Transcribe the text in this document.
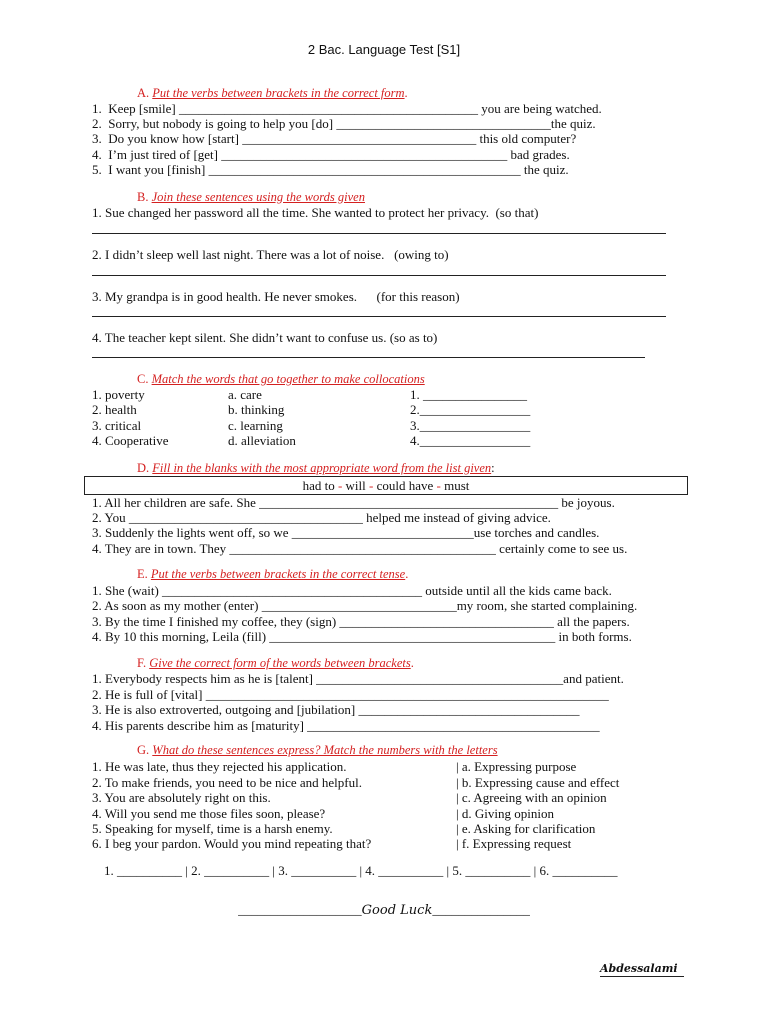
2 Bac. Language Test [S1]
A. Put the verbs between brackets in the correct form.
1.  Keep [smile] ______________________________________________ you are being watched.
2.  Sorry, but nobody is going to help you [do] _________________________________the quiz.
3.  Do you know how [start] ____________________________________ this old computer?
4.  I’m just tired of [get] ____________________________________________ bad grades.
5.  I want you [finish] ________________________________________________ the quiz.
B. Join these sentences using the words given
1. Sue changed her password all the time. She wanted to protect her privacy.  (so that)
2. I didn’t sleep well last night. There was a lot of noise.   (owing to)
3. My grandpa is in good health. He never smokes.      (for this reason)
4. The teacher kept silent. She didn’t want to confuse us. (so as to)
C. Match the words that go together to make collocations
1. poverty	a. care	1. ________________
2. health	b. thinking	2._________________
3. critical	c. learning	3._________________
4. Cooperative	d. alleviation	4._________________
D. Fill in the blanks with the most appropriate word from the list given:
had to - will - could have - must
1. All her children are safe. She ______________________________________________ be joyous.
2. You ____________________________________ helped me instead of giving advice.
3. Suddenly the lights went off, so we ____________________________use torches and candles.
4. They are in town. They _________________________________________ certainly come to see us.
E. Put the verbs between brackets in the correct tense.
1. She (wait) ________________________________________ outside until all the kids came back.
2. As soon as my mother (enter) ______________________________my room, she started complaining.
3. By the time I finished my coffee, they (sign) _________________________________ all the papers.
4. By 10 this morning, Leila (fill) ____________________________________________ in both forms.
F. Give the correct form of the words between brackets.
1. Everybody respects him as he is [talent] ______________________________________and patient.
2. He is full of [vital] ______________________________________________________________
3. He is also extroverted, outgoing and [jubilation] __________________________________
4. His parents describe him as [maturity] _____________________________________________
G. What do these sentences express? Match the numbers with the letters
1. He was late, thus they rejected his application.	| a. Expressing purpose
2. To make friends, you need to be nice and helpful.	| b. Expressing cause and effect
3. You are absolutely right on this.	| c. Agreeing with an opinion
4. Will you send me those files soon, please?	| d. Giving opinion
5. Speaking for myself, time is a harsh enemy.	| e. Asking for clarification
6. I beg your pardon. Would you mind repeating that?	| f. Expressing request
1. __________ | 2. __________ | 3. __________ | 4. __________ | 5. __________ | 6. __________
___________________Good Luck_______________
Abdessalami
